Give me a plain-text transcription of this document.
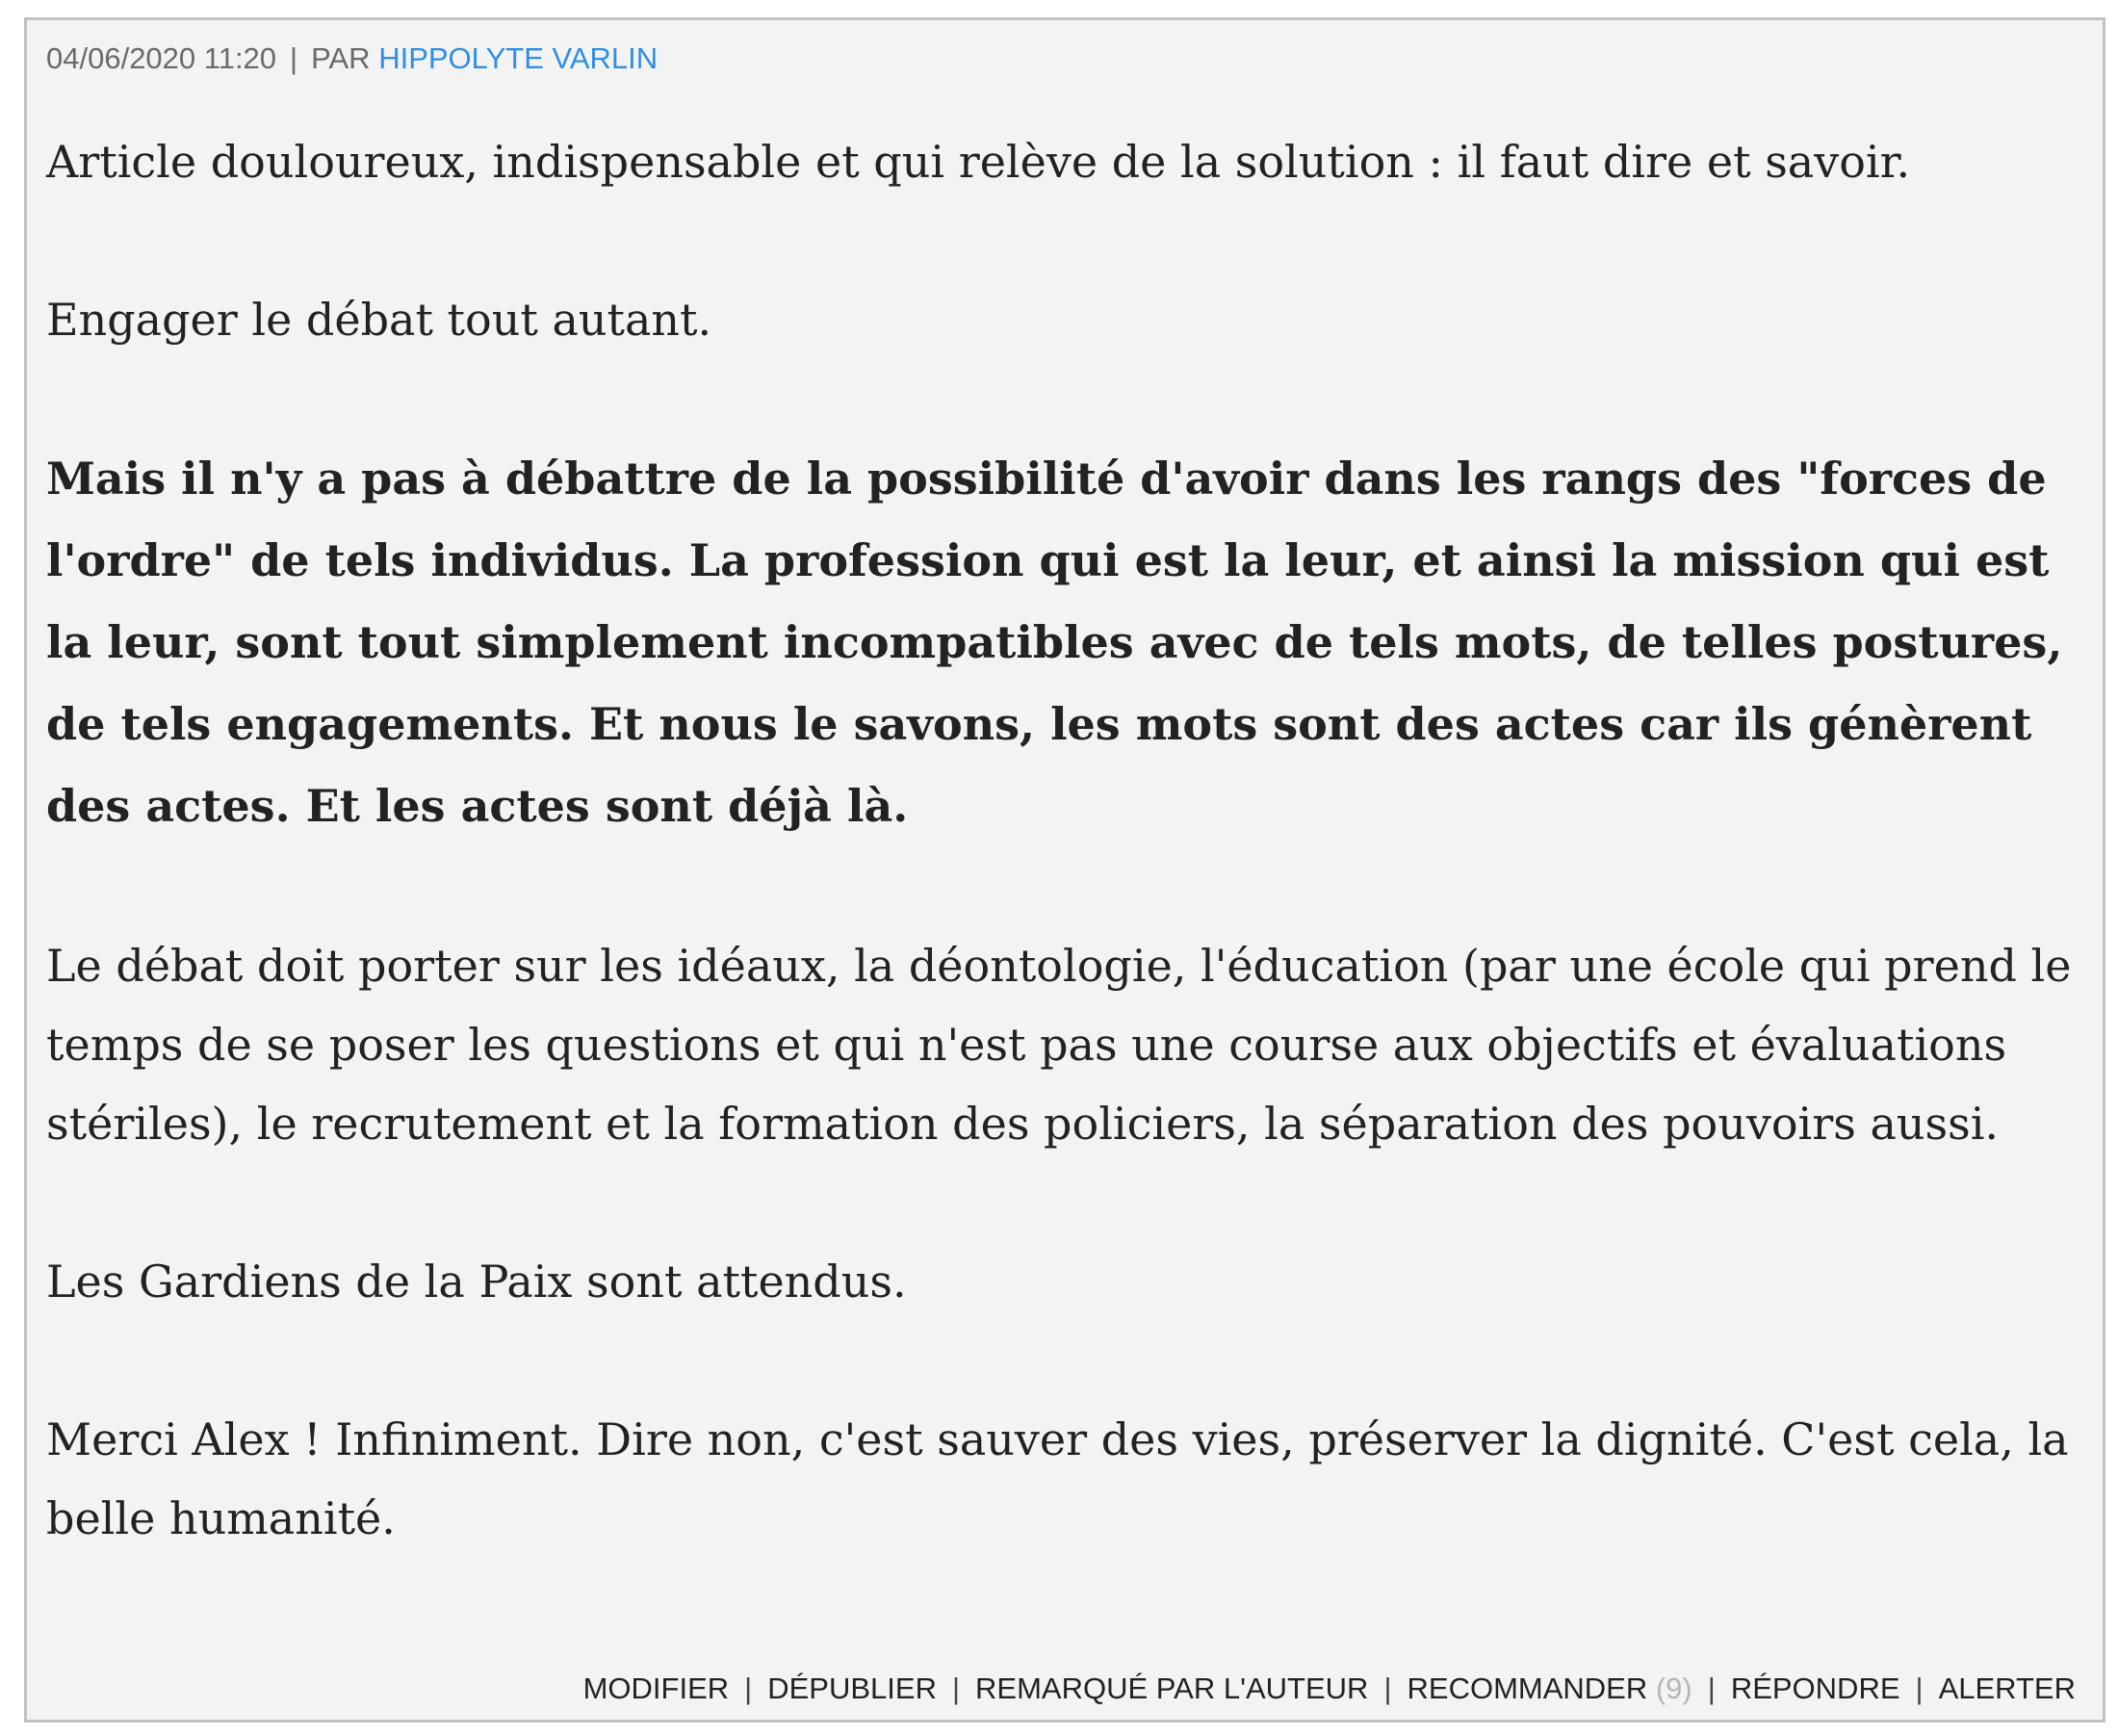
04/06/2020 11:20 | PAR HIPPOLYTE VARLIN

Article douloureux, indispensable et qui relève de la solution : il faut dire et savoir.

Engager le débat tout autant.

Mais il n'y a pas à débattre de la possibilité d'avoir dans les rangs des "forces de l'ordre" de tels individus. La profession qui est la leur, et ainsi la mission qui est la leur, sont tout simplement incompatibles avec de tels mots, de telles postures, de tels engagements. Et nous le savons, les mots sont des actes car ils génèrent des actes. Et les actes sont déjà là.

Le débat doit porter sur les idéaux, la déontologie, l'éducation (par une école qui prend le temps de se poser les questions et qui n'est pas une course aux objectifs et évaluations stériles), le recrutement et la formation des policiers, la séparation des pouvoirs aussi.

Les Gardiens de la Paix sont attendus.

Merci Alex ! Infiniment. Dire non, c'est sauver des vies, préserver la dignité. C'est cela, la belle humanité.

MODIFIER | DÉPUBLIER | REMARQUÉ PAR L'AUTEUR | RECOMMANDER (9) | RÉPONDRE | ALERTER
